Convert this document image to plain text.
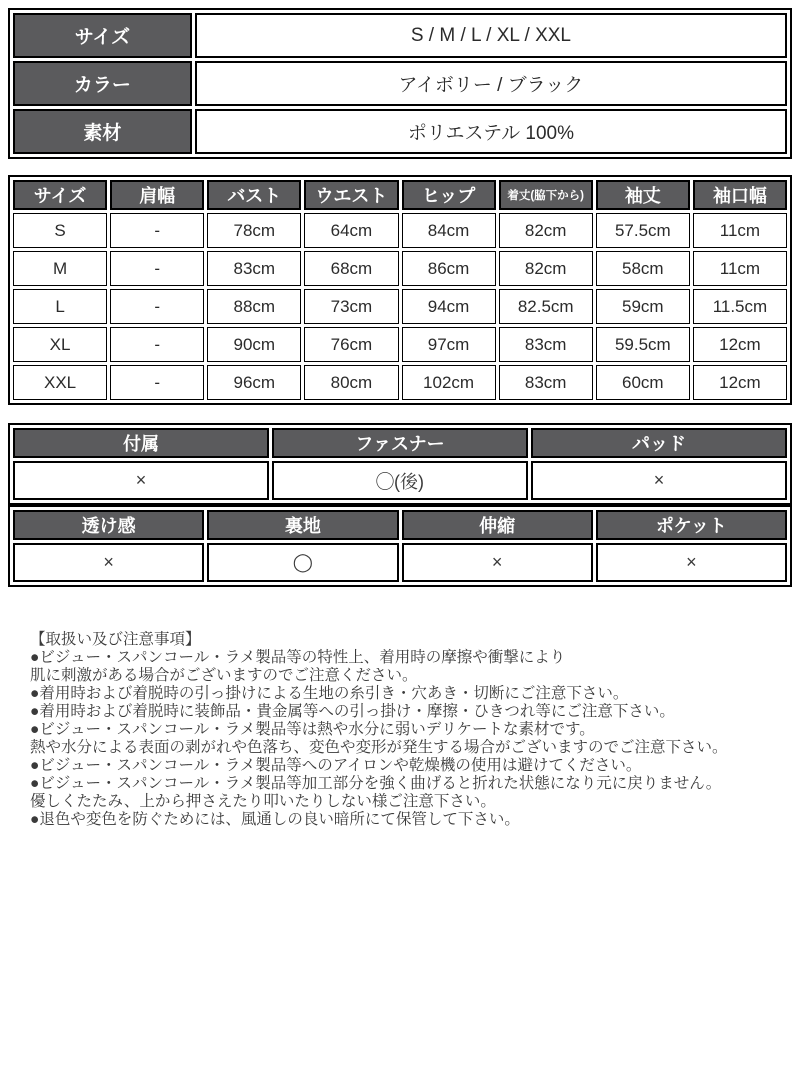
サイズ	S / M / L / XL / XXL
カラー	アイボリー / ブラック
素材	ポリエステル 100%
サイズ	肩幅	バスト	ウエスト	ヒップ	着丈(脇下から)	袖丈	袖口幅
S	-	78cm	64cm	84cm	82cm	57.5cm	11cm
M	-	83cm	68cm	86cm	82cm	58cm	11cm
L	-	88cm	73cm	94cm	82.5cm	59cm	11.5cm
XL	-	90cm	76cm	97cm	83cm	59.5cm	12cm
XXL	-	96cm	80cm	102cm	83cm	60cm	12cm
付属	ファスナー	パッド
×	◯(後)	×
透け感	裏地	伸縮	ポケット
×	◯	×	×
【取扱い及び注意事項】
●ビジュー・スパンコール・ラメ製品等の特性上、着用時の摩擦や衝撃により
肌に刺激がある場合がございますのでご注意ください。
●着用時および着脱時の引っ掛けによる生地の糸引き・穴あき・切断にご注意下さい。
●着用時および着脱時に装飾品・貴金属等への引っ掛け・摩擦・ひきつれ等にご注意下さい。
●ビジュー・スパンコール・ラメ製品等は熱や水分に弱いデリケートな素材です。
熱や水分による表面の剥がれや色落ち、変色や変形が発生する場合がございますのでご注意下さい。
●ビジュー・スパンコール・ラメ製品等へのアイロンや乾燥機の使用は避けてください。
●ビジュー・スパンコール・ラメ製品等加工部分を強く曲げると折れた状態になり元に戻りません。
優しくたたみ、上から押さえたり叩いたりしない様ご注意下さい。
●退色や変色を防ぐためには、風通しの良い暗所にて保管して下さい。
